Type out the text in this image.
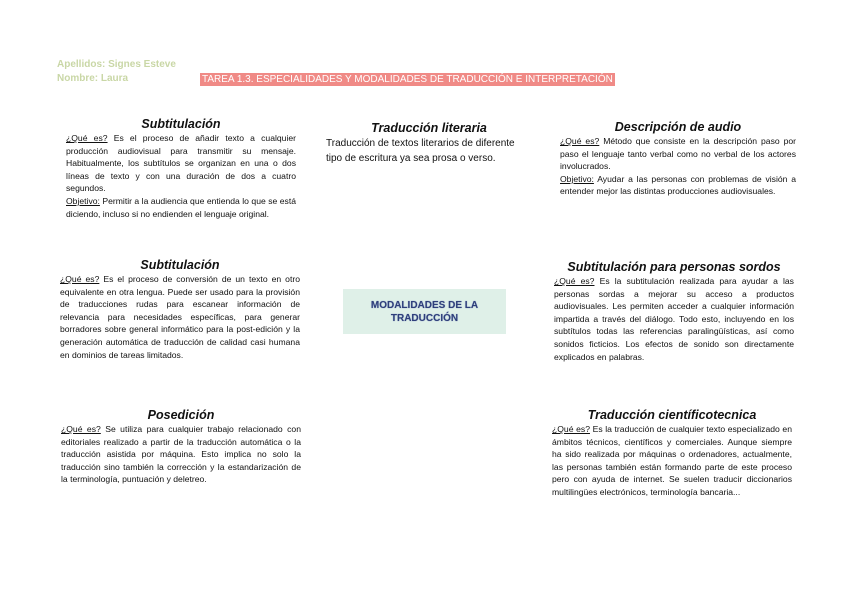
Apellidos: Signes Esteve
Nombre: Laura	TAREA 1.3. ESPECIALIDADES Y MODALIDADES DE TRADUCCIÓN E INTERPRETACIÓN
Subtitulación
¿Qué es? Es el proceso de añadir texto a cualquier producción audiovisual para transmitir su mensaje. Habitualmente, los subtítulos se organizan en una o dos líneas de texto y con una duración de dos a cuatro segundos.
Objetivo: Permitir a la audiencia que entienda lo que se está diciendo, incluso si no endienden el lenguaje original.
Traducción literaria
Traducción de textos literarios de diferente tipo de escritura ya sea prosa o verso.
Descripción de audio
¿Qué es? Método que consiste en la descripción paso por paso el lenguaje tanto verbal como no verbal de los actores involucrados.
Objetivo: Ayudar a las personas con problemas de visión a entender mejor las distintas producciones audiovisuales.
Subtitulación
¿Qué es? Es el proceso de conversión de un texto en otro equivalente en otra lengua. Puede ser usado para la provisión de traducciones rudas para escanear información de relevancia para necesidades específicas, para generar borradores sobre general informático para la post-edición y la generación automática de traducción de calidad casi humana en dominios de tareas limitados.
MODALIDADES DE LA
TRADUCCIÓN
Subtitulación para personas sordos
¿Qué es? Es la subtitulación realizada para ayudar a las personas sordas a mejorar su acceso a productos audiovisuales. Les permiten acceder a cualquier información impartida a través del diálogo. Todo esto, incluyendo en los subtítulos todas las referencias paralingüísticas, así como sonidos ficticios. Los efectos de sonido son directamente explicados en palabras.
Posedición
¿Qué es? Se utiliza para cualquier trabajo relacionado con editoriales realizado a partir de la traducción automática o la traducción asistida por máquina. Esto implica no solo la traducción sino también la corrección y la estandarización de la terminología, puntuación y deletreo.
Traducción científicotecnica
¿Qué es? Es la traducción de cualquier texto especializado en ámbitos técnicos, científicos y comerciales. Aunque siempre ha sido realizada por máquinas o ordenadores, actualmente, las personas también están formando parte de este proceso pero con ayuda de internet. Se suelen traducir diccionarios multilingües electrónicos, terminología bancaria...
